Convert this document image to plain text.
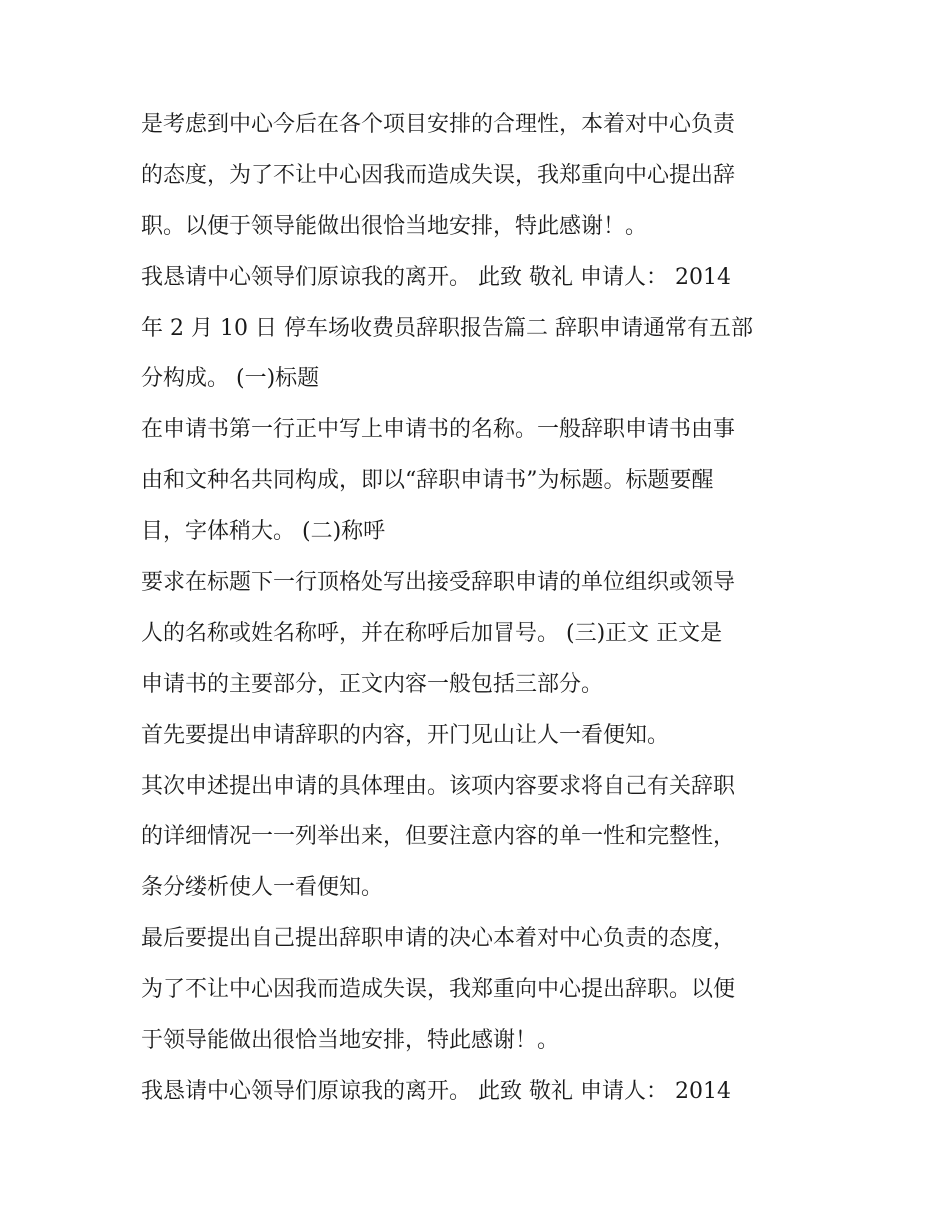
是考虑到中心今后在各个项目安排的合理性，本着对中心负责
的态度，为了不让中心因我而造成失误，我郑重向中心提出辞
职。以便于领导能做出很恰当地安排，特此感谢！。
我恳请中心领导们原谅我的离开。 此致 敬礼 申请人： 2014
年 2 月 10 日 停车场收费员辞职报告篇二 辞职申请通常有五部
分构成。 (一)标题
在申请书第一行正中写上申请书的名称。一般辞职申请书由事
由和文种名共同构成，即以“辞职申请书”为标题。标题要醒
目，字体稍大。 (二)称呼
要求在标题下一行顶格处写出接受辞职申请的单位组织或领导
人的名称或姓名称呼，并在称呼后加冒号。 (三)正文 正文是
申请书的主要部分，正文内容一般包括三部分。
首先要提出申请辞职的内容，开门见山让人一看便知。
其次申述提出申请的具体理由。该项内容要求将自己有关辞职
的详细情况一一列举出来，但要注意内容的单一性和完整性，
条分缕析使人一看便知。
最后要提出自己提出辞职申请的决心本着对中心负责的态度，
为了不让中心因我而造成失误，我郑重向中心提出辞职。以便
于领导能做出很恰当地安排，特此感谢！。
我恳请中心领导们原谅我的离开。 此致 敬礼 申请人： 2014
